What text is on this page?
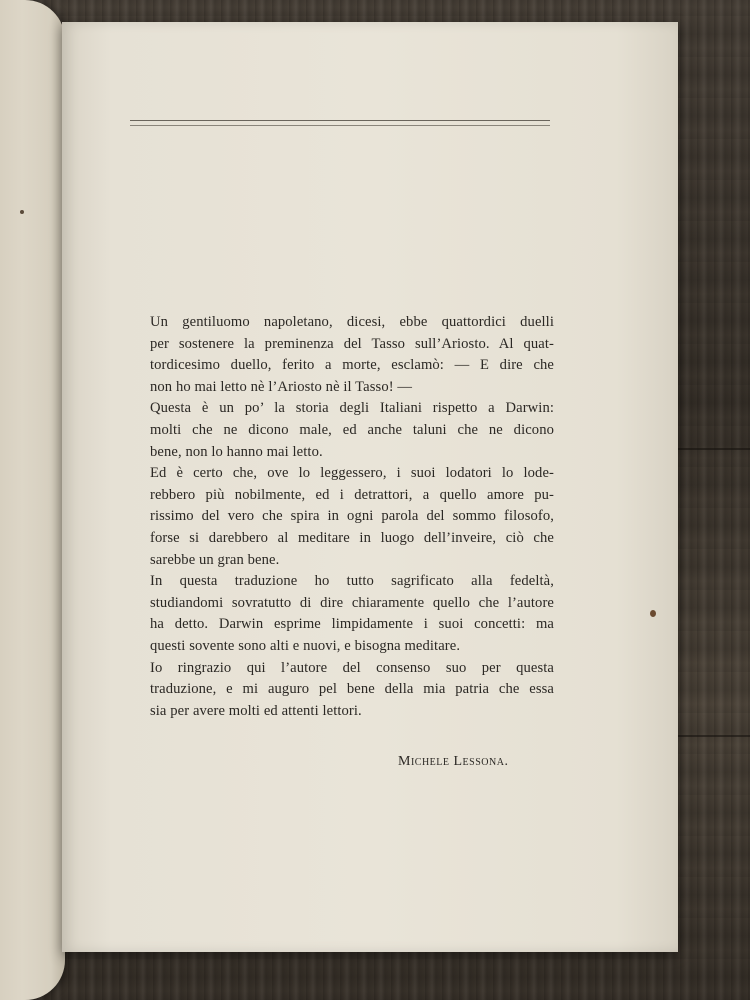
Un gentiluomo napoletano, dicesi, ebbe quattordici duelli
per sostenere la preminenza del Tasso sull’Ariosto. Al quat-
tordicesimo duello, ferito a morte, esclamò: — E dire che
non ho mai letto nè l’Ariosto nè il Tasso! —
Questa è un po’ la storia degli Italiani rispetto a Darwin:
molti che ne dicono male, ed anche taluni che ne dicono
bene, non lo hanno mai letto.
Ed è certo che, ove lo leggessero, i suoi lodatori lo lode-
rebbero più nobilmente, ed i detrattori, a quello amore pu-
rissimo del vero che spira in ogni parola del sommo filosofo,
forse si darebbero al meditare in luogo dell’inveire, ciò che
sarebbe un gran bene.
In questa traduzione ho tutto sagrificato alla fedeltà,
studiandomi sovratutto di dire chiaramente quello che l’autore
ha detto. Darwin esprime limpidamente i suoi concetti: ma
questi sovente sono alti e nuovi, e bisogna meditare.
Io ringrazio qui l’autore del consenso suo per questa
traduzione, e mi auguro pel bene della mia patria che essa
sia per avere molti ed attenti lettori.
Michele Lessona.
